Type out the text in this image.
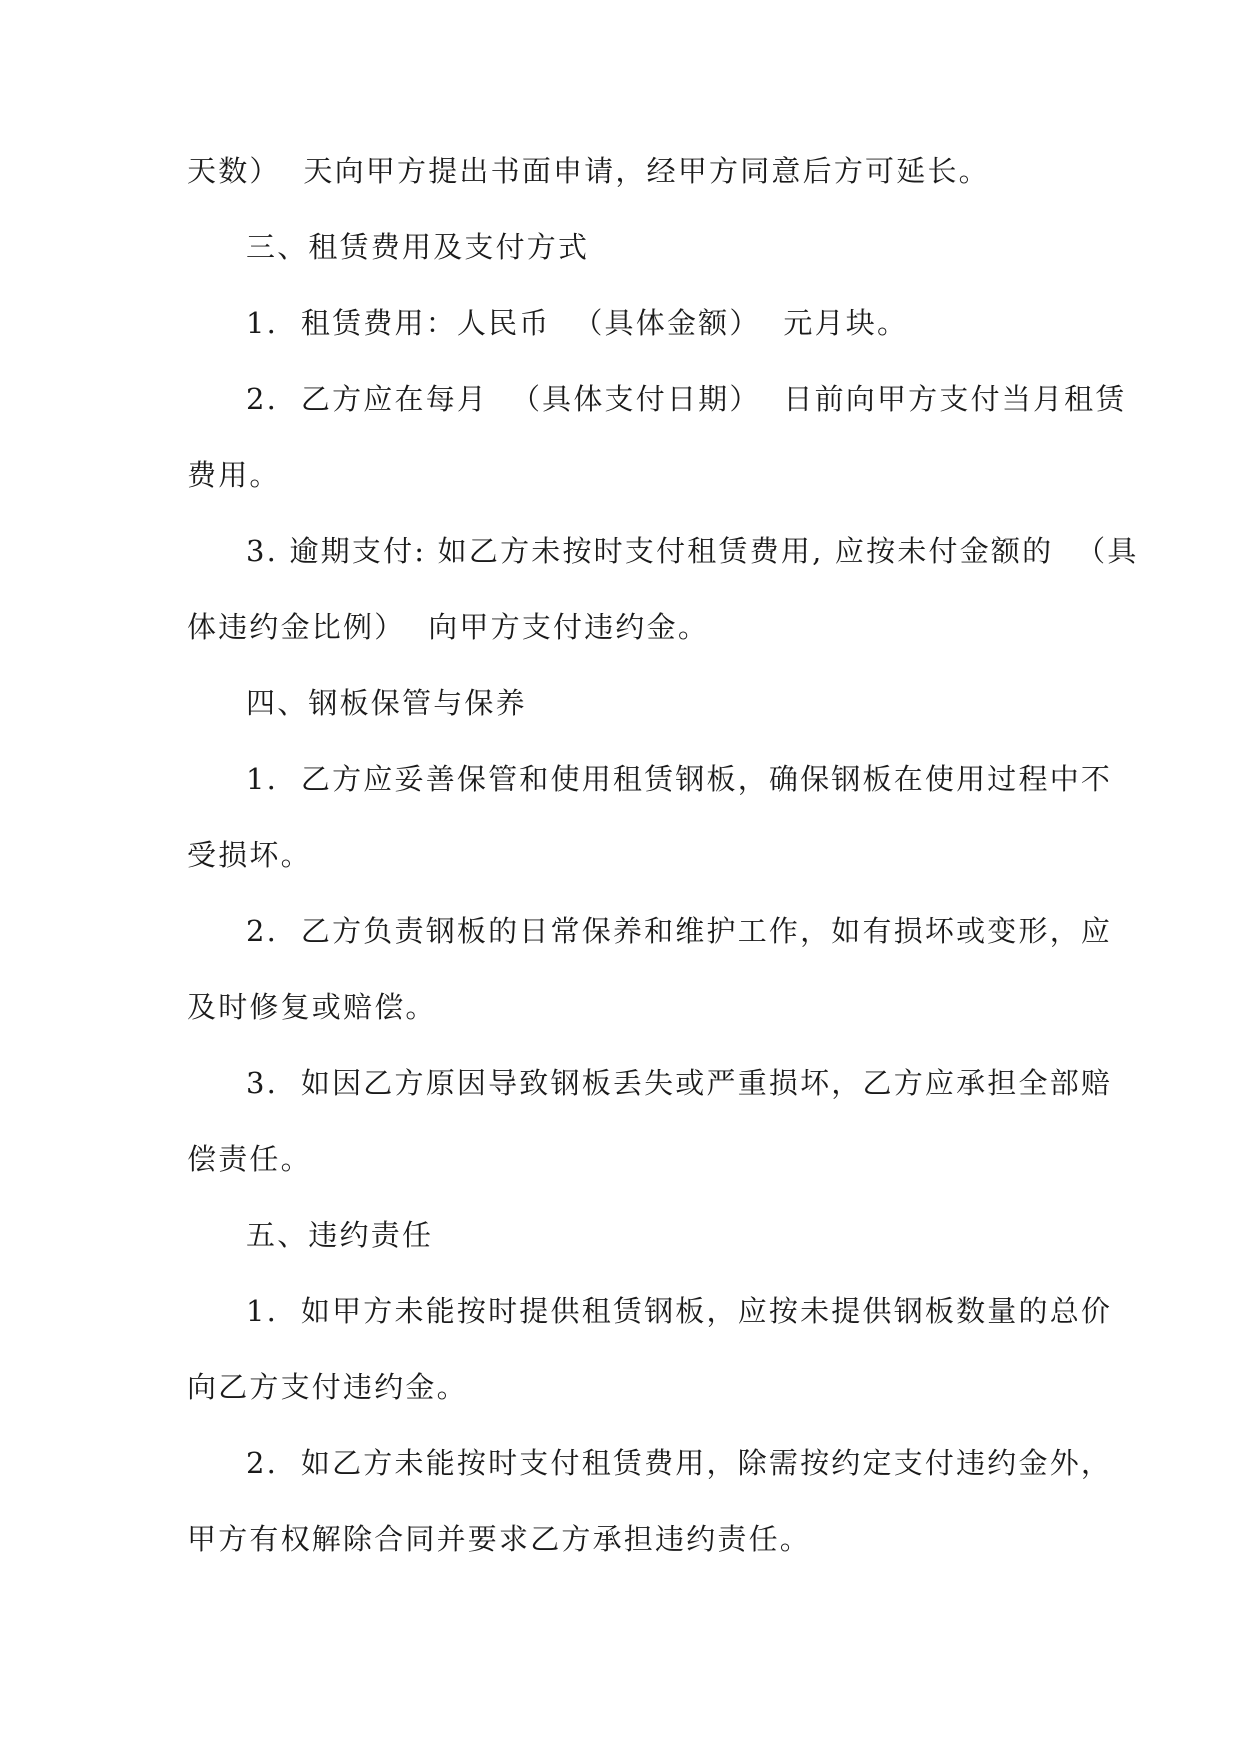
天数）  天向甲方提出书面申请，经甲方同意后方可延长。
三、租赁费用及支付方式
1.  租赁费用：人民币  （具体金额）  元月块。
2.  乙方应在每月  （具体支付日期）  日前向甲方支付当月租赁
费用。
3. 逾期支付: 如乙方未按时支付租赁费用, 应按未付金额的  （具
体违约金比例）  向甲方支付违约金。
四、钢板保管与保养
1.  乙方应妥善保管和使用租赁钢板，确保钢板在使用过程中不
受损坏。
2.  乙方负责钢板的日常保养和维护工作，如有损坏或变形，应
及时修复或赔偿。
3.  如因乙方原因导致钢板丢失或严重损坏，乙方应承担全部赔
偿责任。
五、违约责任
1.  如甲方未能按时提供租赁钢板，应按未提供钢板数量的总价
向乙方支付违约金。
2.  如乙方未能按时支付租赁费用，除需按约定支付违约金外，
甲方有权解除合同并要求乙方承担违约责任。
